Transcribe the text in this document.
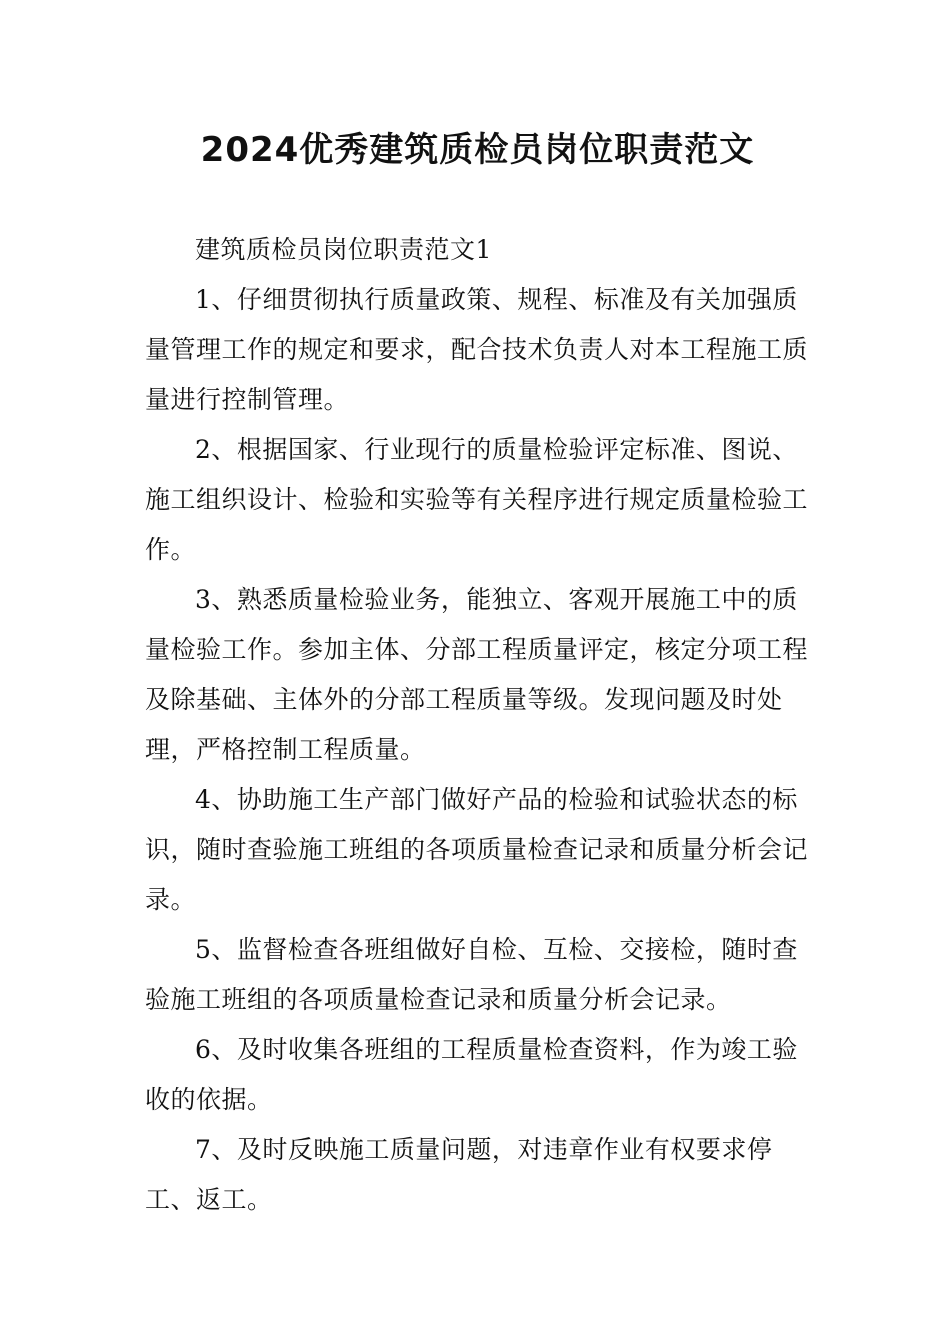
2024优秀建筑质检员岗位职责范文

建筑质检员岗位职责范文1

1、仔细贯彻执行质量政策、规程、标准及有关加强质量管理工作的规定和要求，配合技术负责人对本工程施工质量进行控制管理。

2、根据国家、行业现行的质量检验评定标准、图说、施工组织设计、检验和实验等有关程序进行规定质量检验工作。

3、熟悉质量检验业务，能独立、客观开展施工中的质量检验工作。参加主体、分部工程质量评定，核定分项工程及除基础、主体外的分部工程质量等级。发现问题及时处理，严格控制工程质量。

4、协助施工生产部门做好产品的检验和试验状态的标识，随时查验施工班组的各项质量检查记录和质量分析会记录。

5、监督检查各班组做好自检、互检、交接检，随时查验施工班组的各项质量检查记录和质量分析会记录。

6、及时收集各班组的工程质量检查资料，作为竣工验收的依据。

7、及时反映施工质量问题，对违章作业有权要求停工、返工。
